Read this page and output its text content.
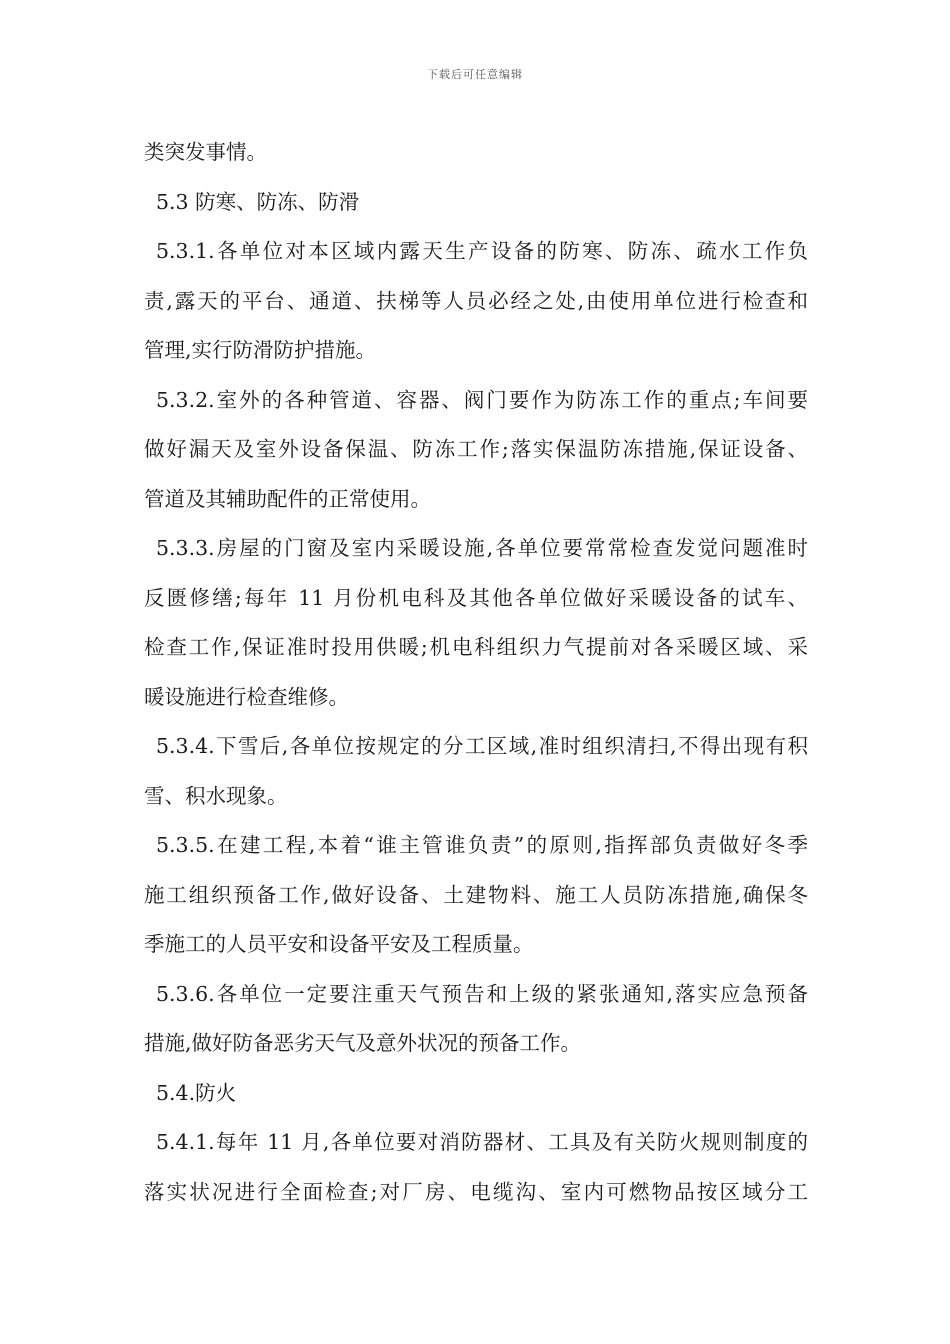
下载后可任意编辑
类突发事情。
5.3 防寒、防冻、防滑
5.3.1.各单位对本区域内露天生产设备的防寒、防冻、疏水工作负
责,露天的平台、通道、扶梯等人员必经之处,由使用单位进行检查和
管理,实行防滑防护措施。
5.3.2.室外的各种管道、容器、阀门要作为防冻工作的重点;车间要
做好漏天及室外设备保温、防冻工作;落实保温防冻措施,保证设备、
管道及其辅助配件的正常使用。
5.3.3.房屋的门窗及室内采暖设施,各单位要常常检查发觉问题准时
反匮修缮;每年 11 月份机电科及其他各单位做好采暖设备的试车、
检查工作,保证准时投用供暖;机电科组织力气提前对各采暖区域、采
暖设施进行检查维修。
5.3.4.下雪后,各单位按规定的分工区域,准时组织清扫,不得出现有积
雪、积水现象。
5.3.5.在建工程,本着“谁主管谁负责”的原则,指挥部负责做好冬季
施工组织预备工作,做好设备、土建物料、施工人员防冻措施,确保冬
季施工的人员平安和设备平安及工程质量。
5.3.6.各单位一定要注重天气预告和上级的紧张通知,落实应急预备
措施,做好防备恶劣天气及意外状况的预备工作。
5.4.防火
5.4.1.每年 11 月,各单位要对消防器材、工具及有关防火规则制度的
落实状况进行全面检查;对厂房、电缆沟、室内可燃物品按区域分工
